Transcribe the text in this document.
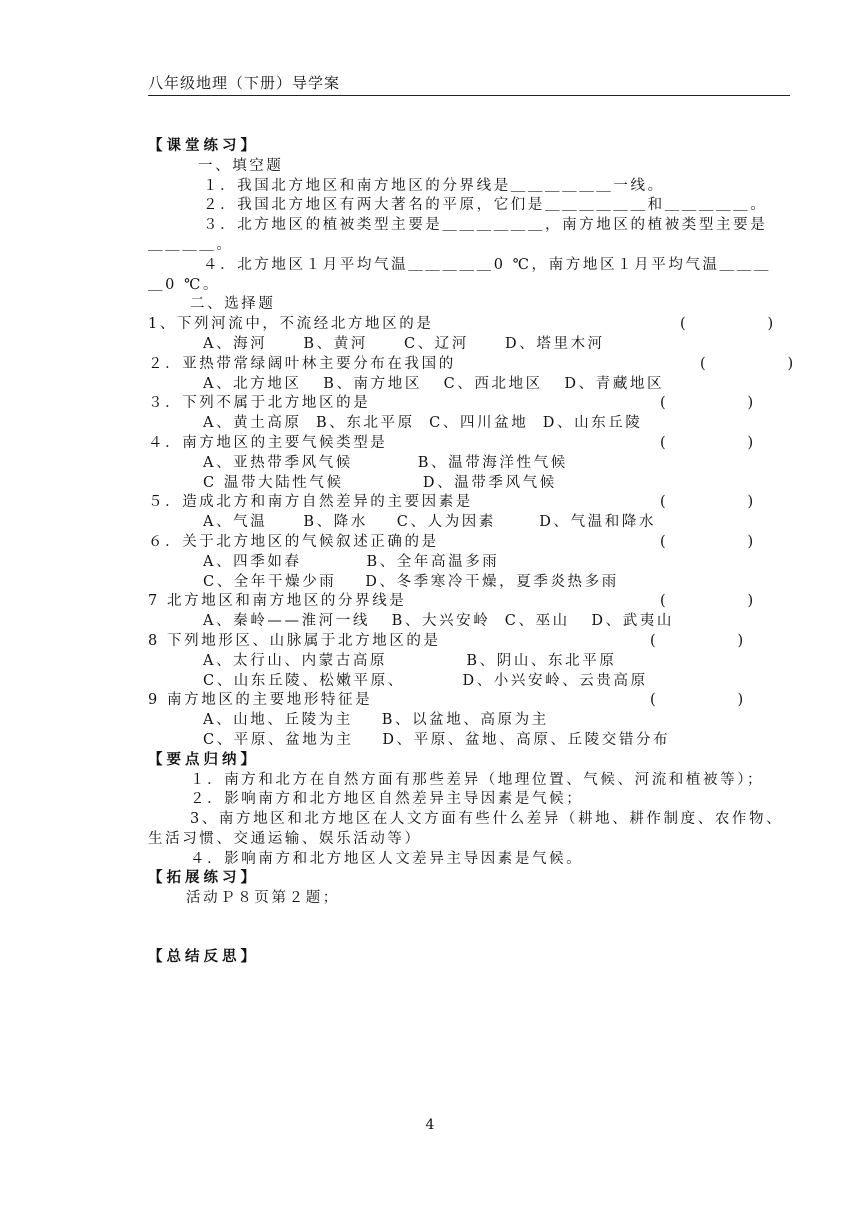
八年级地理（下册）导学案
【课堂练习】
一、填空题
１．我国北方地区和南方地区的分界线是＿＿＿＿＿＿一线。
２．我国北方地区有两大著名的平原，它们是＿＿＿＿＿＿和＿＿＿＿＿。
３．北方地区的植被类型主要是＿＿＿＿＿＿，南方地区的植被类型主要是＿＿＿＿。
４．北方地区１月平均气温＿＿＿＿＿0 ℃，南方地区１月平均气温＿＿＿＿0 ℃。
二、选择题
1、下列河流中，不流经北方地区的是	(           )
A、海河     B、黄河     C、辽河     D、塔里木河
２．亚热带常绿阔叶林主要分布在我国的	(           )
A、北方地区   B、南方地区   C、西北地区   D、青藏地区
３．下列不属于北方地区的是	(           )
A、黄土高原  B、东北平原  C、四川盆地  D、山东丘陵
４．南方地区的主要气候类型是	(           )
A、亚热带季风气候         B、温带海洋性气候
C 温带大陆性气候           D、温带季风气候
５．造成北方和南方自然差异的主要因素是	(           )
A、气温     B、降水    C、人为因素      D、气温和降水
６．关于北方地区的气候叙述正确的是	(           )
A、四季如春         B、全年高温多雨
C、全年干燥少雨    D、冬季寒冷干燥，夏季炎热多雨
7 北方地区和南方地区的分界线是	(           )
A、秦岭——淮河一线   B、大兴安岭  C、巫山   D、武夷山
8 下列地形区、山脉属于北方地区的是	(           )
A、太行山、内蒙古高原           B、阴山、东北平原
C、山东丘陵、松嫩平原、        D、小兴安岭、云贵高原
9 南方地区的主要地形特征是	(           )
A、山地、丘陵为主    B、以盆地、高原为主
C、平原、盆地为主    D、平原、盆地、高原、丘陵交错分布
【要点归纳】
１．南方和北方在自然方面有那些差异（地理位置、气候、河流和植被等）；
２．影响南方和北方地区自然差异主导因素是气候；
3、南方地区和北方地区在人文方面有些什么差异（耕地、耕作制度、农作物、
生活习惯、交通运输、娱乐活动等）
４．影响南方和北方地区人文差异主导因素是气候。
【拓展练习】
活动Ｐ８页第２题；
【总结反思】
4
